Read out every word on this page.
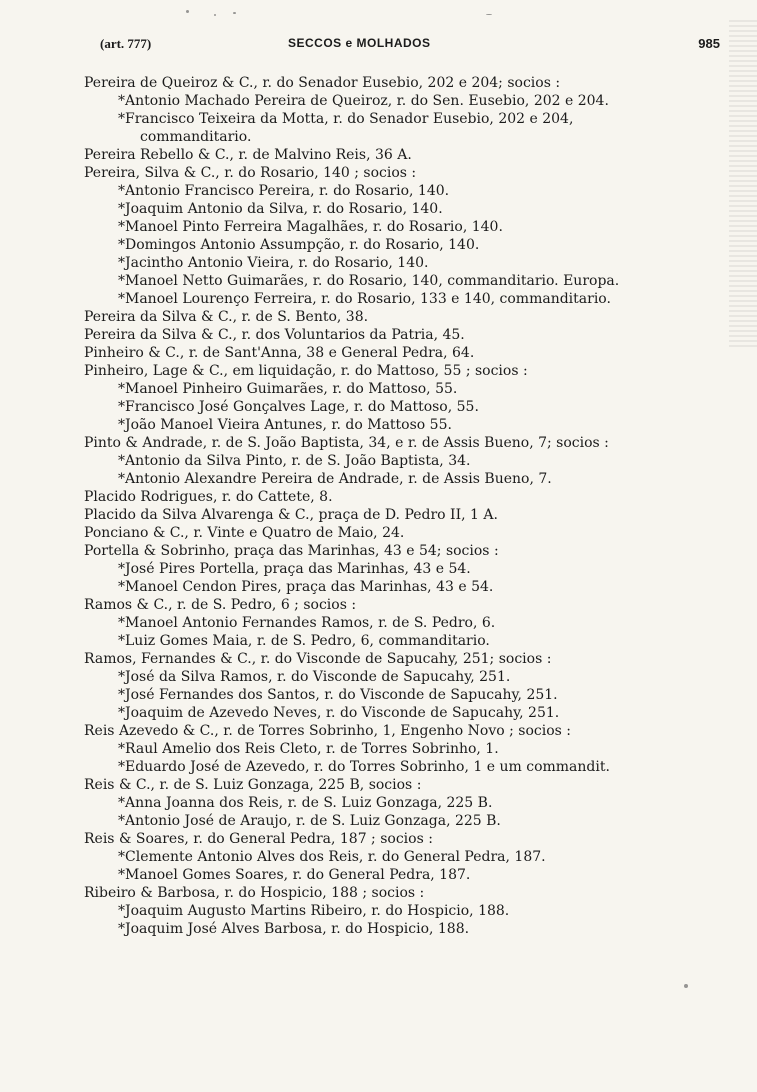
(art. 777)	SECCOS e MOLHADOS	985
Pereira de Queiroz & C., r. do Senador Eusebio, 202 e 204; socios :
*Antonio Machado Pereira de Queiroz, r. do Sen. Eusebio, 202 e 204.
*Francisco Teixeira da Motta, r. do Senador Eusebio, 202 e 204,
commanditario.
Pereira Rebello & C., r. de Malvino Reis, 36 A.
Pereira, Silva & C., r. do Rosario, 140 ; socios :
*Antonio Francisco Pereira, r. do Rosario, 140.
*Joaquim Antonio da Silva, r. do Rosario, 140.
*Manoel Pinto Ferreira Magalhães, r. do Rosario, 140.
*Domingos Antonio Assumpção, r. do Rosario, 140.
*Jacintho Antonio Vieira, r. do Rosario, 140.
*Manoel Netto Guimarães, r. do Rosario, 140, commanditario. Europa.
*Manoel Lourenço Ferreira, r. do Rosario, 133 e 140, commanditario.
Pereira da Silva & C., r. de S. Bento, 38.
Pereira da Silva & C., r. dos Voluntarios da Patria, 45.
Pinheiro & C., r. de Sant'Anna, 38 e General Pedra, 64.
Pinheiro, Lage & C., em liquidação, r. do Mattoso, 55 ; socios :
*Manoel Pinheiro Guimarães, r. do Mattoso, 55.
*Francisco José Gonçalves Lage, r. do Mattoso, 55.
*João Manoel Vieira Antunes, r. do Mattoso 55.
Pinto & Andrade, r. de S. João Baptista, 34, e r. de Assis Bueno, 7; socios :
*Antonio da Silva Pinto, r. de S. João Baptista, 34.
*Antonio Alexandre Pereira de Andrade, r. de Assis Bueno, 7.
Placido Rodrigues, r. do Cattete, 8.
Placido da Silva Alvarenga & C., praça de D. Pedro II, 1 A.
Ponciano & C., r. Vinte e Quatro de Maio, 24.
Portella & Sobrinho, praça das Marinhas, 43 e 54; socios :
*José Pires Portella, praça das Marinhas, 43 e 54.
*Manoel Cendon Pires, praça das Marinhas, 43 e 54.
Ramos & C., r. de S. Pedro, 6 ; socios :
*Manoel Antonio Fernandes Ramos, r. de S. Pedro, 6.
*Luiz Gomes Maia, r. de S. Pedro, 6, commanditario.
Ramos, Fernandes & C., r. do Visconde de Sapucahy, 251; socios :
*José da Silva Ramos, r. do Visconde de Sapucahy, 251.
*José Fernandes dos Santos, r. do Visconde de Sapucahy, 251.
*Joaquim de Azevedo Neves, r. do Visconde de Sapucahy, 251.
Reis Azevedo & C., r. de Torres Sobrinho, 1, Engenho Novo ; socios :
*Raul Amelio dos Reis Cleto, r. de Torres Sobrinho, 1.
*Eduardo José de Azevedo, r. do Torres Sobrinho, 1 e um commandit.
Reis & C., r. de S. Luiz Gonzaga, 225 B, socios :
*Anna Joanna dos Reis, r. de S. Luiz Gonzaga, 225 B.
*Antonio José de Araujo, r. de S. Luiz Gonzaga, 225 B.
Reis & Soares, r. do General Pedra, 187 ; socios :
*Clemente Antonio Alves dos Reis, r. do General Pedra, 187.
*Manoel Gomes Soares, r. do General Pedra, 187.
Ribeiro & Barbosa, r. do Hospicio, 188 ; socios :
*Joaquim Augusto Martins Ribeiro, r. do Hospicio, 188.
*Joaquim José Alves Barbosa, r. do Hospicio, 188.
